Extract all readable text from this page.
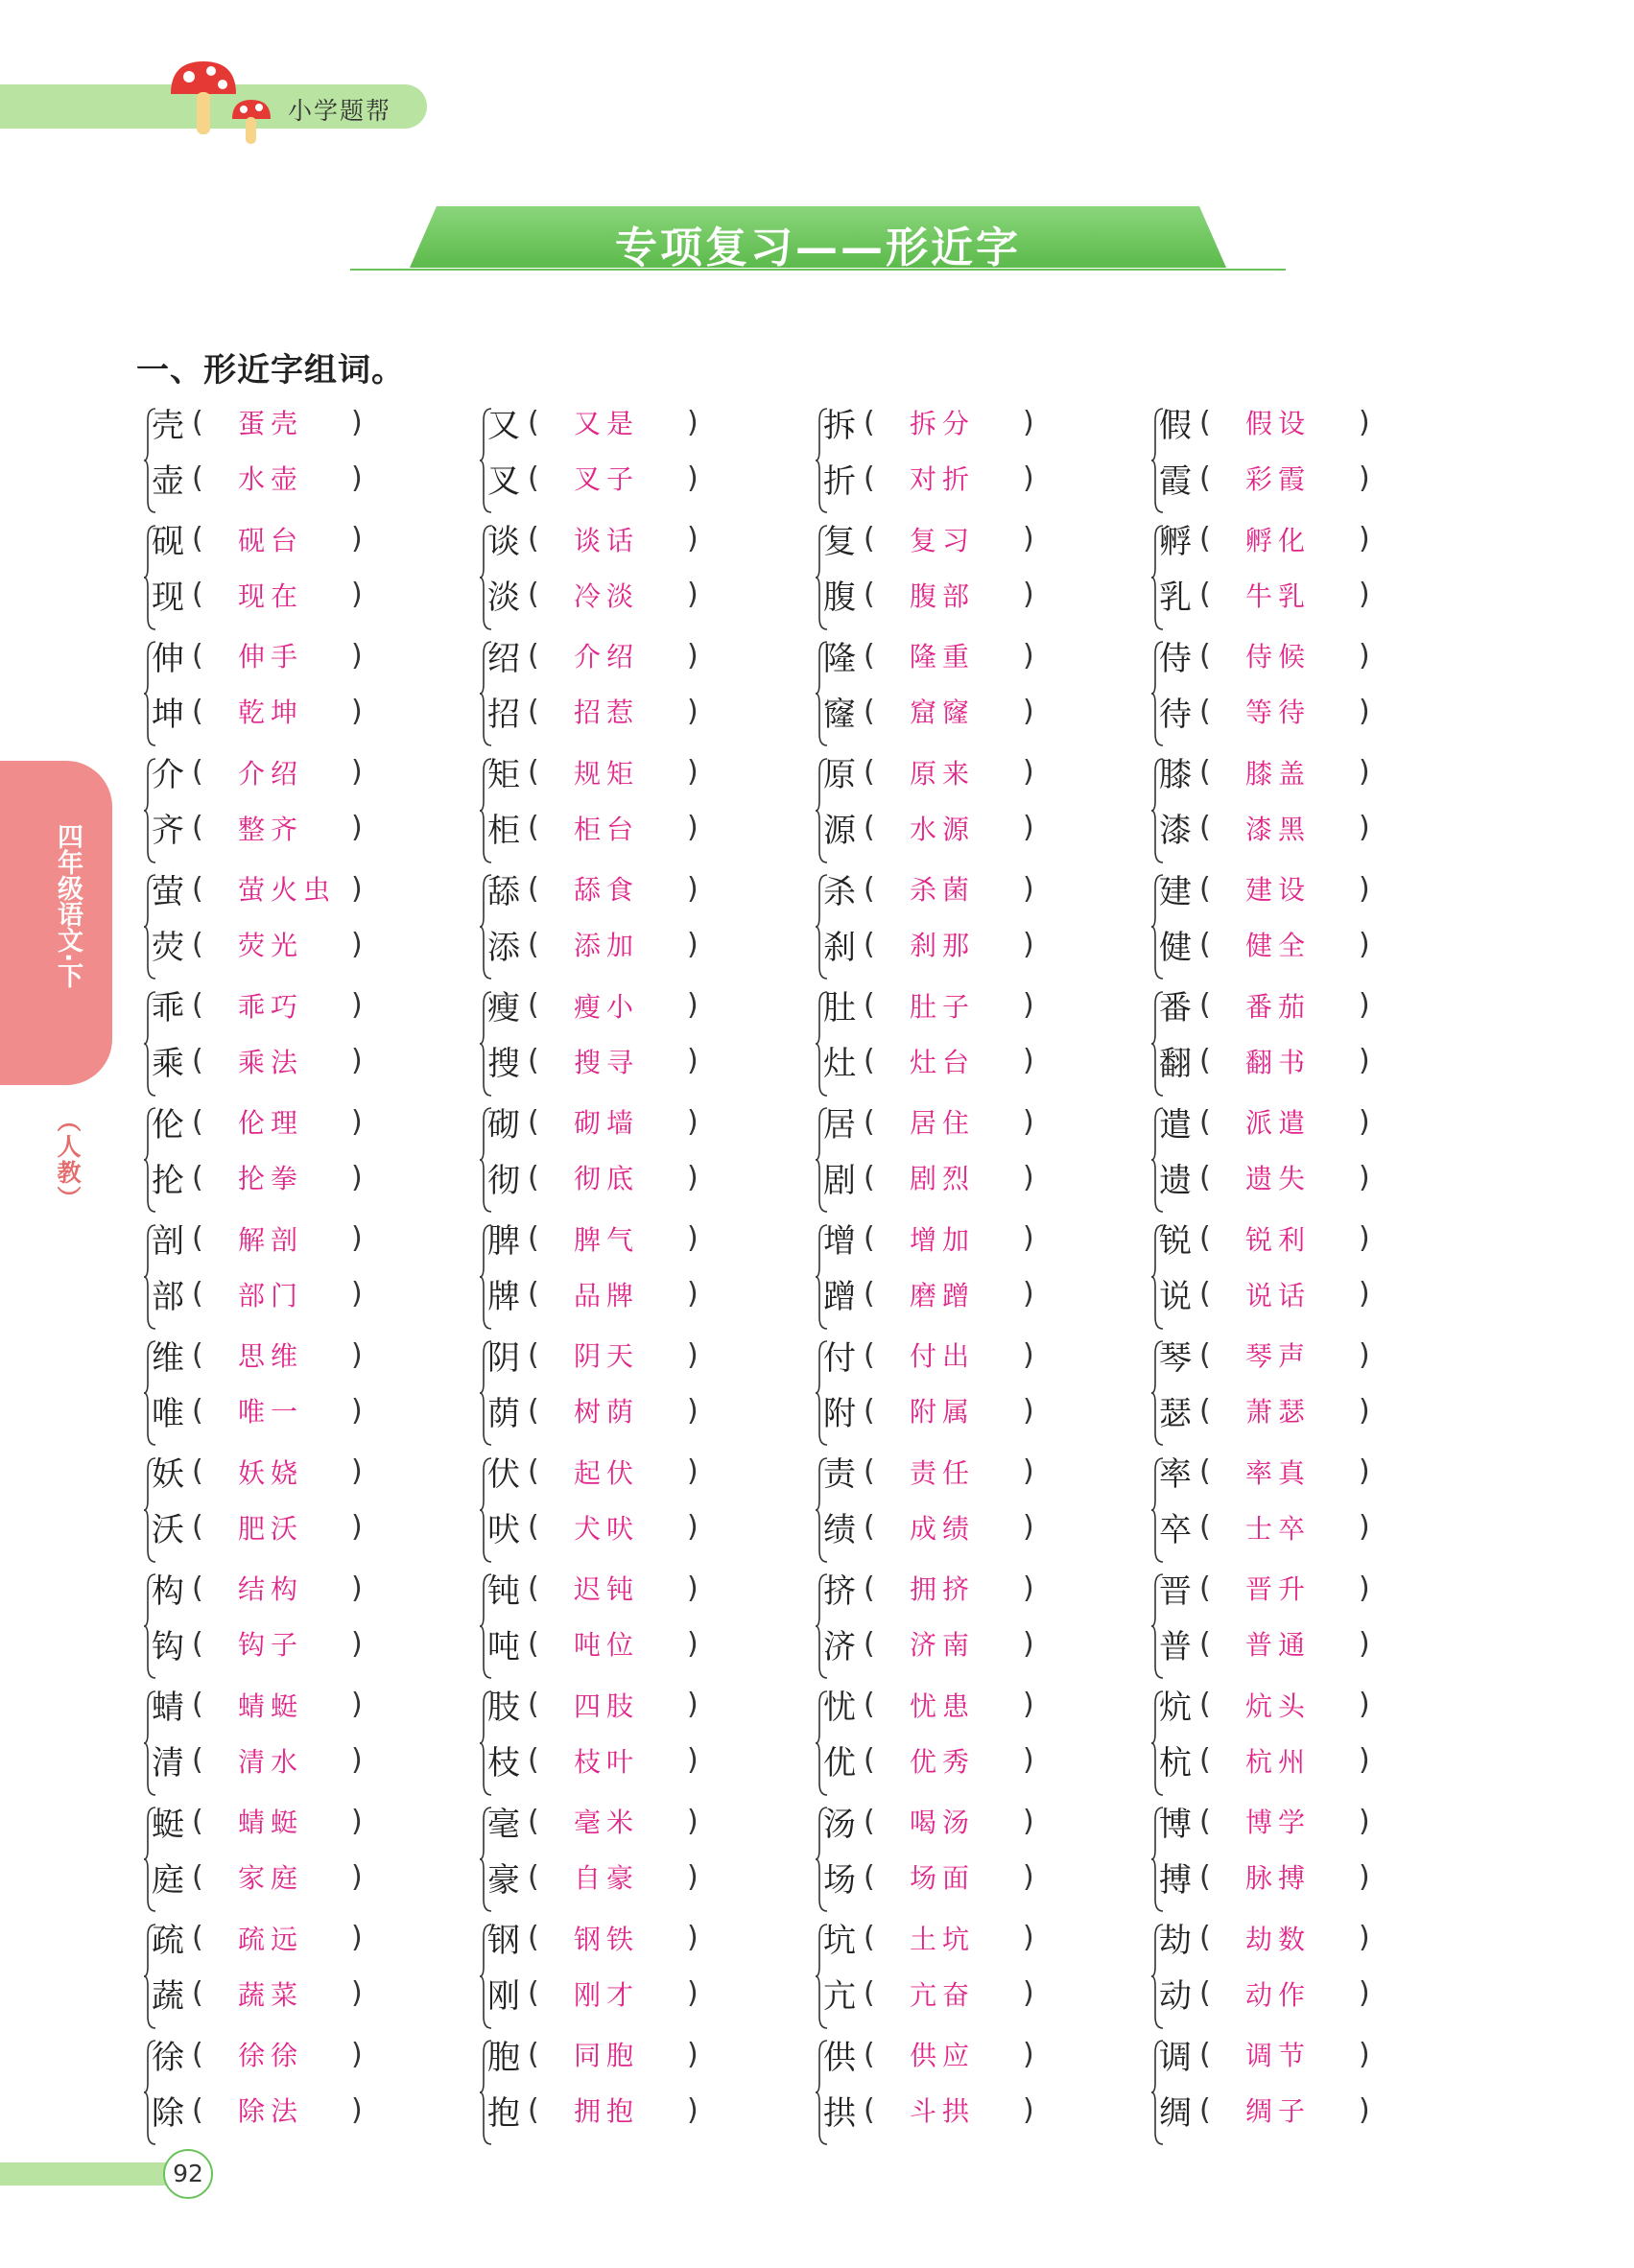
小学题帮
专项复习——形近字
一、形近字组词。
四年级语文·下
（人教）
壳 (	蛋壳	)
壶 (	水壶	)
砚 (	砚台	)
现 (	现在	)
伸 (	伸手	)
坤 (	乾坤	)
介 (	介绍	)
齐 (	整齐	)
萤 (	萤火虫 )
荧 (	荧光	)
乖 (	乖巧	)
乘 (	乘法	)
伦 (	伦理	)
抡 (	抡拳	)
剖 (	解剖	)
部 (	部门	)
维 (	思维	)
唯 (	唯一	)
妖 (	妖娆	)
沃 (	肥沃	)
构 (	结构	)
钩 (	钩子	)
蜻 (	蜻蜓	)
清 (	清水	)
蜓 (	蜻蜓	)
庭 (	家庭	)
疏 (	疏远	)
蔬 (	蔬菜	)
徐 (	徐徐	)
除 (	除法	)
又 (	又是	)
叉 (	叉子	)
谈 (	谈话	)
淡 (	冷淡	)
绍 (	介绍	)
招 (	招惹	)
矩 (	规矩	)
柜 (	柜台	)
舔 (	舔食	)
添 (	添加	)
瘦 (	瘦小	)
搜 (	搜寻	)
砌 (	砌墙	)
彻 (	彻底	)
脾 (	脾气	)
牌 (	品牌	)
阴 (	阴天	)
荫 (	树荫	)
伏 (	起伏	)
吠 (	犬吠	)
钝 (	迟钝	)
吨 (	吨位	)
肢 (	四肢	)
枝 (	枝叶	)
毫 (	毫米	)
豪 (	自豪	)
钢 (	钢铁	)
刚 (	刚才	)
胞 (	同胞	)
抱 (	拥抱	)
拆 (	拆分	)
折 (	对折	)
复 (	复习	)
腹 (	腹部	)
隆 (	隆重	)
窿 (	窟窿	)
原 (	原来	)
源 (	水源	)
杀 (	杀菌	)
刹 (	刹那	)
肚 (	肚子	)
灶 (	灶台	)
居 (	居住	)
剧 (	剧烈	)
增 (	增加	)
蹭 (	磨蹭	)
付 (	付出	)
附 (	附属	)
责 (	责任	)
绩 (	成绩	)
挤 (	拥挤	)
济 (	济南	)
忧 (	忧患	)
优 (	优秀	)
汤 (	喝汤	)
场 (	场面	)
坑 (	土坑	)
亢 (	亢奋	)
供 (	供应	)
拱 (	斗拱	)
假 (	假设	)
霞 (	彩霞	)
孵 (	孵化	)
乳 (	牛乳	)
侍 (	侍候	)
待 (	等待	)
膝 (	膝盖	)
漆 (	漆黑	)
建 (	建设	)
健 (	健全	)
番 (	番茄	)
翻 (	翻书	)
遣 (	派遣	)
遗 (	遗失	)
锐 (	锐利	)
说 (	说话	)
琴 (	琴声	)
瑟 (	萧瑟	)
率 (	率真	)
卒 (	士卒	)
晋 (	晋升	)
普 (	普通	)
炕 (	炕头	)
杭 (	杭州	)
博 (	博学	)
搏 (	脉搏	)
劫 (	劫数	)
动 (	动作	)
调 (	调节	)
绸 (	绸子	)
92
